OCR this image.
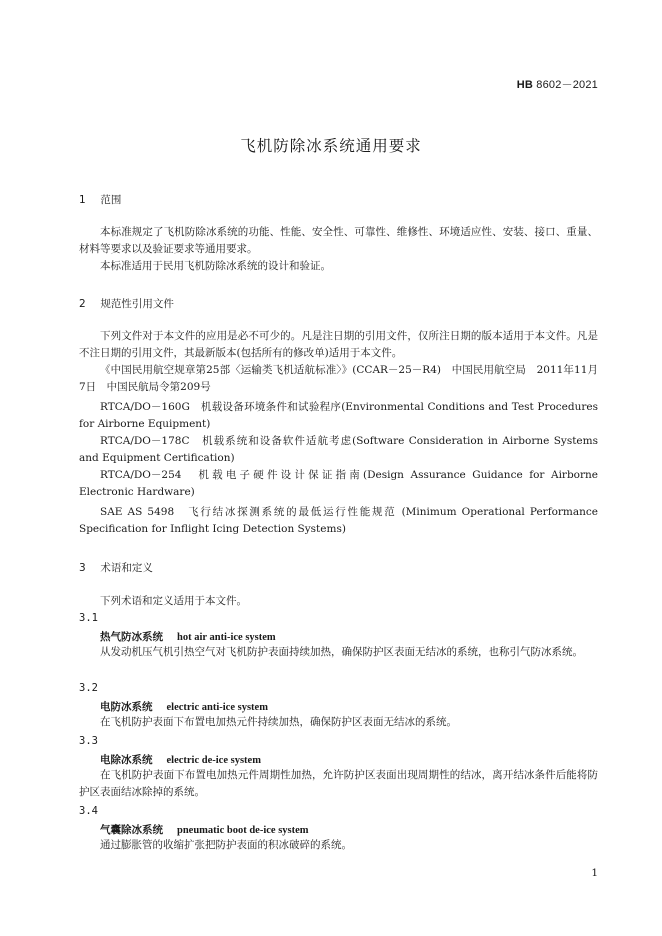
HB 8602－2021
飞机防除冰系统通用要求
1 范围

本标准规定了飞机防除冰系统的功能、性能、安全性、可靠性、维修性、环境适应性、安装、接口、重量、材料等要求以及验证要求等通用要求。

本标准适用于民用飞机防除冰系统的设计和验证。

2 规范性引用文件

下列文件对于本文件的应用是必不可少的。凡是注日期的引用文件，仅所注日期的版本适用于本文件。凡是不注日期的引用文件，其最新版本(包括所有的修改单)适用于本文件。

《中国民用航空规章第25部〈运输类飞机适航标准〉》(CCAR－25－R4)　中国民用航空局　2011年11月7日　中国民航局令第209号

RTCA/DO－160G　机载设备环境条件和试验程序(Environmental Conditions and Test Procedures for Airborne Equipment)

RTCA/DO－178C　机载系统和设备软件适航考虑(Software Consideration in Airborne Systems and Equipment Certification)

RTCA/DO－254　机载电子硬件设计保证指南(Design Assurance Guidance for Airborne Electronic Hardware)

SAE AS 5498　飞行结冰探测系统的最低运行性能规范 (Minimum Operational Performance Specification for Inflight Icing Detection Systems)

3 术语和定义

下列术语和定义适用于本文件。

3.1
热气防冰系统 hot air anti-ice system

从发动机压气机引热空气对飞机防护表面持续加热，确保防护区表面无结冰的系统，也称引气防冰系统。

3.2
电防冰系统 electric anti-ice system

在飞机防护表面下布置电加热元件持续加热，确保防护区表面无结冰的系统。

3.3
电除冰系统 electric de-ice system

在飞机防护表面下布置电加热元件周期性加热，允许防护区表面出现周期性的结冰，离开结冰条件后能将防护区表面结冰除掉的系统。

3.4
气囊除冰系统 pneumatic boot de-ice system

通过膨胀管的收缩扩张把防护表面的积冰破碎的系统。

1
